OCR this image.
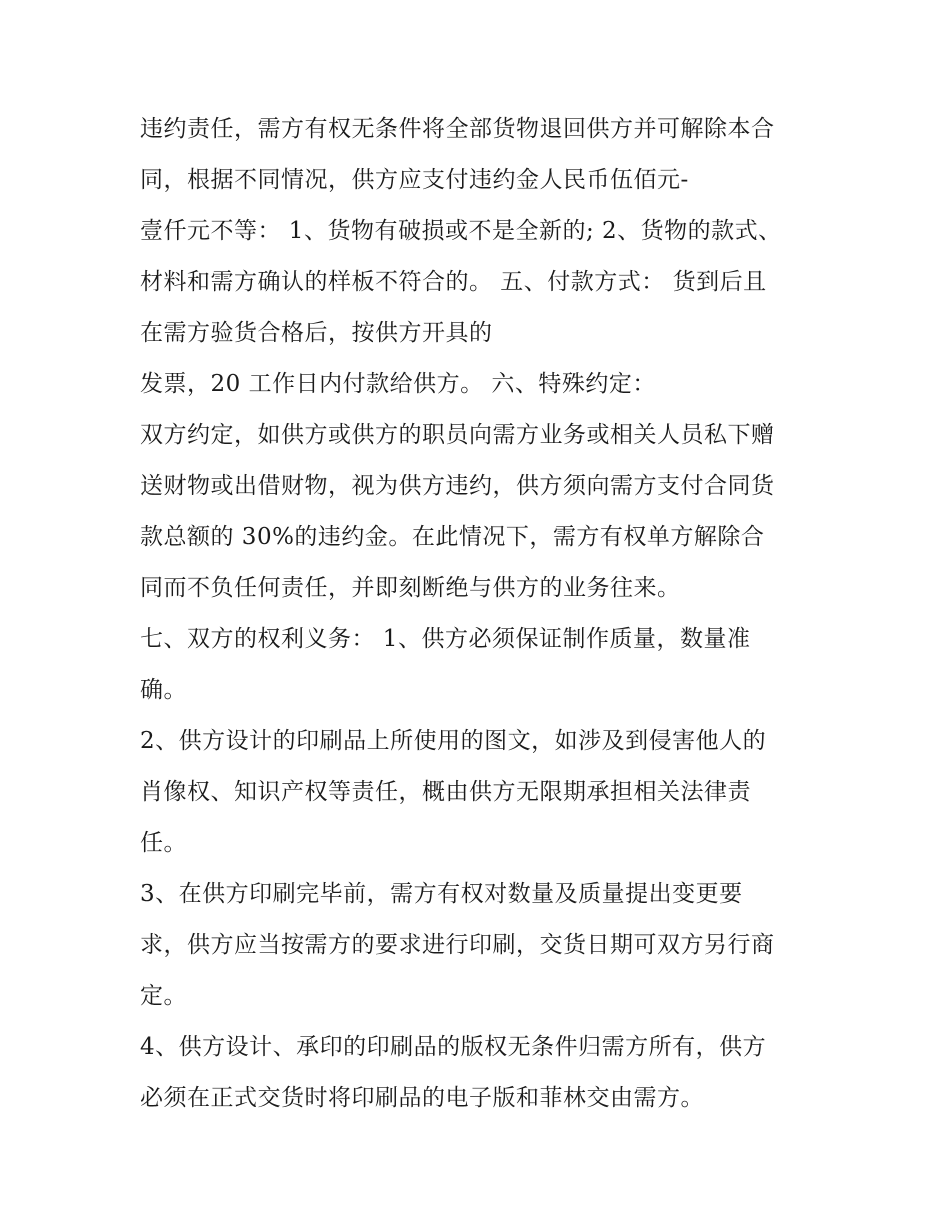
违约责任，需方有权无条件将全部货物退回供方并可解除本合
同，根据不同情况，供方应支付违约金人民币伍佰元-
壹仟元不等： 1、货物有破损或不是全新的; 2、货物的款式、
材料和需方确认的样板不符合的。 五、付款方式： 货到后且
在需方验货合格后，按供方开具的
发票，20 工作日内付款给供方。 六、特殊约定：
双方约定，如供方或供方的职员向需方业务或相关人员私下赠
送财物或出借财物，视为供方违约，供方须向需方支付合同货
款总额的 30%的违约金。在此情况下，需方有权单方解除合
同而不负任何责任，并即刻断绝与供方的业务往来。
七、双方的权利义务： 1、供方必须保证制作质量，数量准
确。
2、供方设计的印刷品上所使用的图文，如涉及到侵害他人的
肖像权、知识产权等责任，概由供方无限期承担相关法律责
任。
3、在供方印刷完毕前，需方有权对数量及质量提出变更要
求，供方应当按需方的要求进行印刷，交货日期可双方另行商
定。
4、供方设计、承印的印刷品的版权无条件归需方所有，供方
必须在正式交货时将印刷品的电子版和菲林交由需方。
